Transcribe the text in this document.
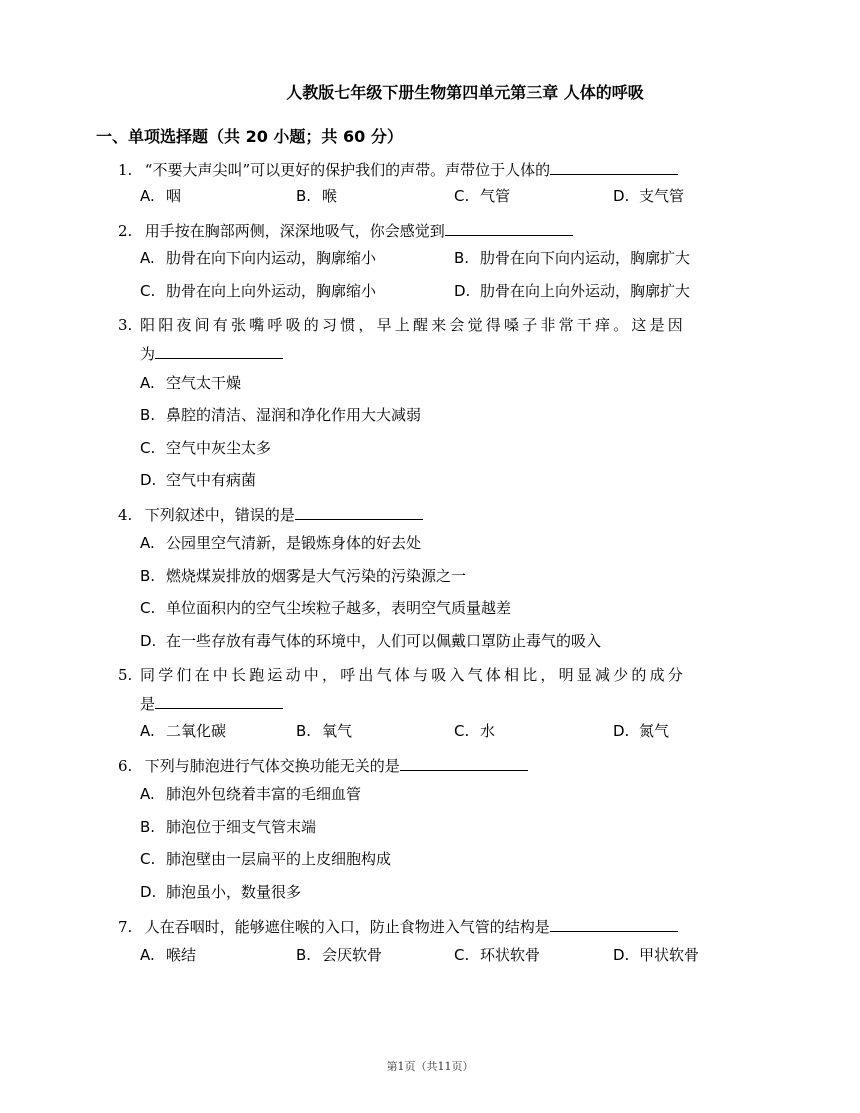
人教版七年级下册生物第四单元第三章 人体的呼吸
一、单项选择题（共 20 小题；共 60 分）
1. “不要大声尖叫”可以更好的保护我们的声带。声带位于人体的
A. 咽	B. 喉	C. 气管	D. 支气管
2. 用手按在胸部两侧，深深地吸气，你会感觉到
A. 肋骨在向下向内运动，胸廓缩小	B. 肋骨在向下向内运动，胸廓扩大
C. 肋骨在向上向外运动，胸廓缩小	D. 肋骨在向上向外运动，胸廓扩大
3. 阳阳夜间有张嘴呼吸的习惯，早上醒来会觉得嗓子非常干痒。这是因
为
A. 空气太干燥
B. 鼻腔的清洁、湿润和净化作用大大减弱
C. 空气中灰尘太多
D. 空气中有病菌
4. 下列叙述中，错误的是
A. 公园里空气清新，是锻炼身体的好去处
B. 燃烧煤炭排放的烟雾是大气污染的污染源之一
C. 单位面积内的空气尘埃粒子越多，表明空气质量越差
D. 在一些存放有毒气体的环境中，人们可以佩戴口罩防止毒气的吸入
5. 同学们在中长跑运动中，呼出气体与吸入气体相比，明显减少的成分
是
A. 二氧化碳	B. 氧气	C. 水	D. 氮气
6. 下列与肺泡进行气体交换功能无关的是
A. 肺泡外包绕着丰富的毛细血管
B. 肺泡位于细支气管末端
C. 肺泡壁由一层扁平的上皮细胞构成
D. 肺泡虽小，数量很多
7. 人在吞咽时，能够遮住喉的入口，防止食物进入气管的结构是
A. 喉结	B. 会厌软骨	C. 环状软骨	D. 甲状软骨
第1页（共11页）
